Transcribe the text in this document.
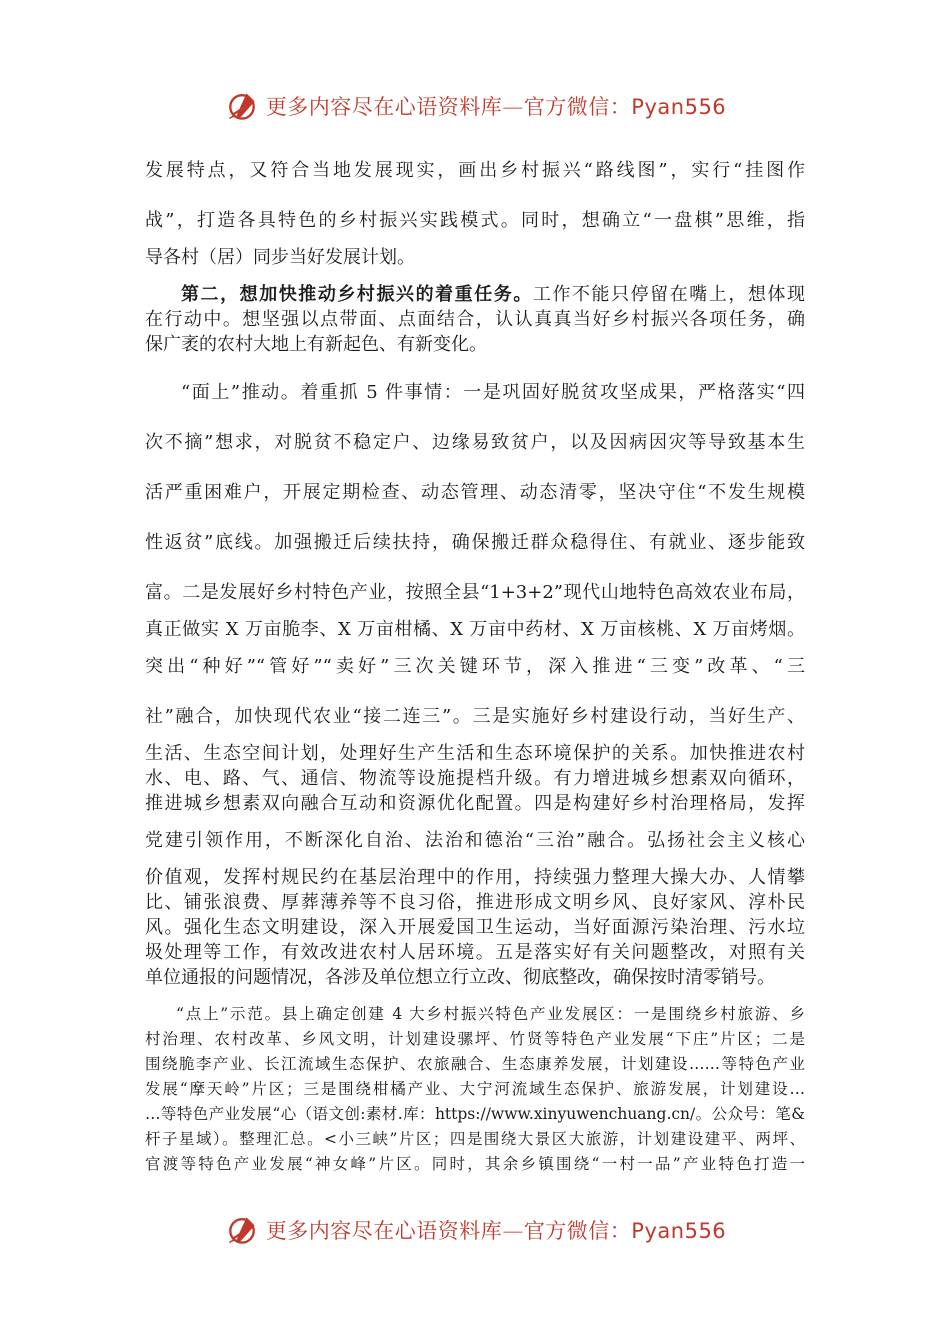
更多内容尽在心语资料库—官方微信：Pyan556
发展特点，又符合当地发展现实，画出乡村振兴“路线图”，实行“挂图作
战”，打造各具特色的乡村振兴实践模式。同时，想确立“一盘棋”思维，指
导各村（居）同步当好发展计划。
第二，想加快推动乡村振兴的着重任务。工作不能只停留在嘴上，想体现
在行动中。想坚强以点带面、点面结合，认认真真当好乡村振兴各项任务，确
保广袤的农村大地上有新起色、有新变化。
“面上”推动。着重抓 5 件事情：一是巩固好脱贫攻坚成果，严格落实“四
次不摘”想求，对脱贫不稳定户、边缘易致贫户，以及因病因灾等导致基本生
活严重困难户，开展定期检查、动态管理、动态清零，坚决守住“不发生规模
性返贫”底线。加强搬迁后续扶持，确保搬迁群众稳得住、有就业、逐步能致
富。二是发展好乡村特色产业，按照全县“1+3+2”现代山地特色高效农业布局，
真正做实 X 万亩脆李、X 万亩柑橘、X 万亩中药材、X 万亩核桃、X 万亩烤烟。
突出“种好”“管好”“卖好”三次关键环节，深入推进“三变”改革、“三
社”融合，加快现代农业“接二连三”。三是实施好乡村建设行动，当好生产、
生活、生态空间计划，处理好生产生活和生态环境保护的关系。加快推进农村
水、电、路、气、通信、物流等设施提档升级。有力增进城乡想素双向循环，
推进城乡想素双向融合互动和资源优化配置。四是构建好乡村治理格局，发挥
党建引领作用，不断深化自治、法治和德治“三治”融合。弘扬社会主义核心
价值观，发挥村规民约在基层治理中的作用，持续强力整理大操大办、人情攀
比、铺张浪费、厚葬薄养等不良习俗，推进形成文明乡风、良好家风、淳朴民
风。强化生态文明建设，深入开展爱国卫生运动，当好面源污染治理、污水垃
圾处理等工作，有效改进农村人居环境。五是落实好有关问题整改，对照有关
单位通报的问题情况，各涉及单位想立行立改、彻底整改，确保按时清零销号。
“点上”示范。县上确定创建 4 大乡村振兴特色产业发展区：一是围绕乡村旅游、乡
村治理、农村改革、乡风文明，计划建设骡坪、竹贤等特色产业发展“下庄”片区；二是
围绕脆李产业、长江流域生态保护、农旅融合、生态康养发展，计划建设……等特色产业
发展“摩天岭”片区；三是围绕柑橘产业、大宁河流域生态保护、旅游发展，计划建设…
…等特色产业发展“心（语文创:素材.库：https://www.xinyuwenchuang.cn/。公众号：笔&
杆子星域）。整理汇总。<小三峡”片区；四是围绕大景区大旅游，计划建设建平、两坪、
官渡等特色产业发展“神女峰”片区。同时，其余乡镇围绕“一村一品”产业特色打造一
更多内容尽在心语资料库—官方微信：Pyan556
